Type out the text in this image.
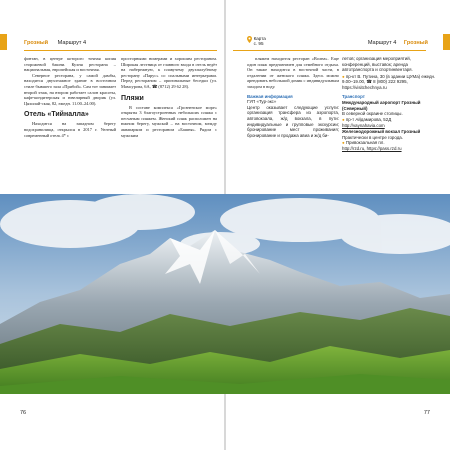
Грозный Маршрут 4

фонтан, в центре которого точная копия сторожевой башни. Кухня ресторана – национальная, европейская и восточная.

Северное ресторана, у самой дамбы, находится двухэтажное здание в восточном стиле бывшего зала «Прибой». Сам тот занимает второй этаж, на втором работает салон красоты, кафе-кондитерская и ювелирный дворик (ул. Цяхилай-ская, 82, ежедн. 11.00–24.00).

Отель «Тийналла»

Находится на западном берегу водохранилища, открылся в 2017 г. Уютный современный отель 4* с

просторными номерами и хорошим рестораном. Широкая лестница от главного входа в отель ведёт на набережную, к плавучему двухпалубному ресторану «Парус» со спальными интерьерами. Перед рестораном – оригинальные беседки (ул. Мамсурова, 6А, ☎ (8712) 29 62 28).

Пляжи

В составе комплекса «Грозненское море» открыты 3 благоустроенных небольших пляжа с песчаным пляжем. Женский пляж расположен на южном берегу, мужской – на восточном, между аквапарком и рестораном «Башня». Рядом с мужским

76
Карта
с. 95	Маршрут 4 Грозный

пляжем находится ресторан «Волна». Еще один пляж предназначен для семейного отдыха. Он также находится в восточной части, в отдалении от женского пляжа. Здесь можно арендовать небольшой домик с индивидуальным заходом в воду.

Важная информация
ГУП «Тур-экс»
Центр оказывает следующие услуги: организация трансфера из аэропорта, автовокзала, ж/д вокзала, в пути: индивидуальные и групповые экскурсии; бронирование мест проживания; бронирование и продажа авиа и ж/д би-
летов; организация мероприятий, конференций, выставок; аренда автотранспорта и спортинвентаря.
● пр-кт В. Путина, 30 (в здании ЦУМа) ежедн. 9.00–19.00, ☎ 8 (800) 222 9295, https://visitchechnya.ru
Транспорт
Международный аэропорт Грозный (Северный)
В северной окраине столицы.
● пр-т Айдамирова, 52Д
http://vaynahavia.com
Железнодорожный вокзал Грозный
Практически в центре города.
● Привокзальная пл.
http://rzd.ru, https://pass.rzd.ru
77
